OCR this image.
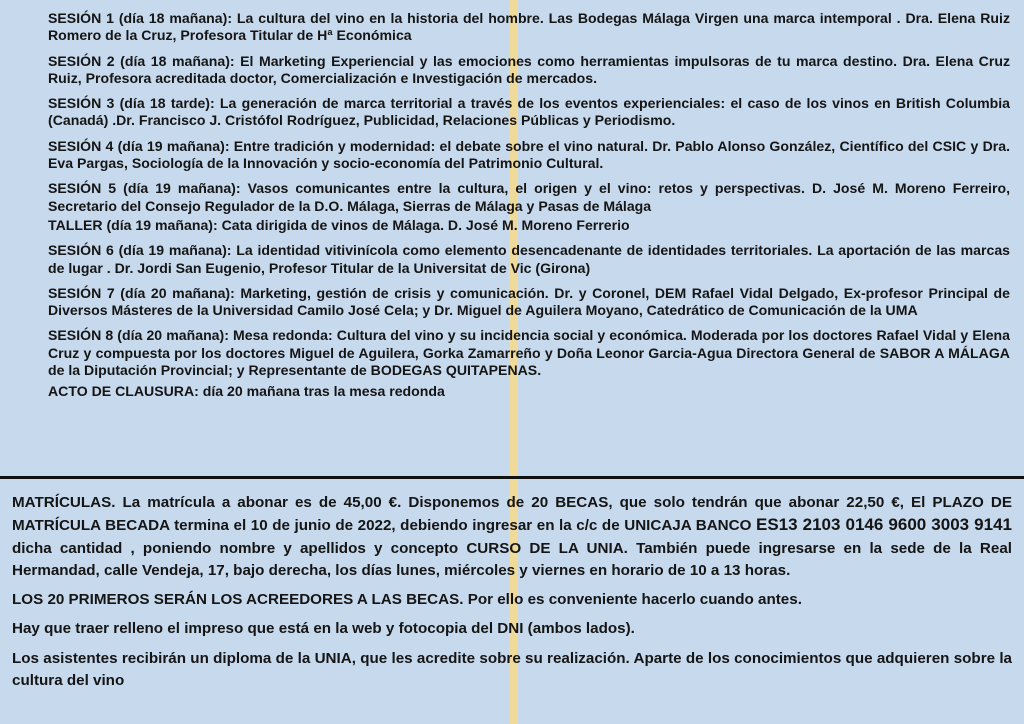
SESIÓN 1 (día 18 mañana): La cultura del vino en la historia del hombre. Las Bodegas Málaga Virgen una marca intemporal . Dra. Elena Ruiz Romero de la Cruz, Profesora Titular de Hª Económica

SESIÓN 2 (día 18 mañana): El Marketing Experiencial y las emociones como herramientas impulsoras de tu marca destino. Dra. Elena Cruz Ruiz, Profesora acreditada doctor, Comercialización e Investigación de mercados.

SESIÓN 3 (día 18 tarde): La generación de marca territorial a través de los eventos experienciales: el caso de los vinos en British Columbia (Canadá) .Dr. Francisco J. Cristófol Rodríguez, Publicidad, Relaciones Públicas y Periodismo.

SESIÓN 4 (día 19 mañana): Entre tradición y modernidad: el debate sobre el vino natural. Dr. Pablo Alonso González, Científico del CSIC y Dra. Eva Pargas, Sociología de la Innovación y socio-economía del Patrimonio Cultural.

SESIÓN 5 (día 19 mañana): Vasos comunicantes entre la cultura, el origen y el vino: retos y perspectivas. D. José M. Moreno Ferreiro, Secretario del Consejo Regulador de la D.O. Málaga, Sierras de Málaga y Pasas de Málaga

TALLER (día 19 mañana): Cata dirigida de vinos de Málaga. D. José M. Moreno Ferrerio

SESIÓN 6 (día 19 mañana): La identidad vitivinícola como elemento desencadenante de identidades territoriales. La aportación de las marcas de lugar . Dr. Jordi San Eugenio, Profesor Titular de la Universitat de Vic (Girona)

SESIÓN 7 (día 20 mañana): Marketing, gestión de crisis y comunicación. Dr. y Coronel, DEM Rafael Vidal Delgado, Ex-profesor Principal de Diversos Másteres de la Universidad Camilo José Cela; y Dr. Miguel de Aguilera Moyano, Catedrático de Comunicación de la UMA

SESIÓN 8 (día 20 mañana): Mesa redonda: Cultura del vino y su incidencia social y económica. Moderada por los doctores Rafael Vidal y Elena Cruz y compuesta por los doctores Miguel de Aguilera, Gorka Zamarreño y Doña Leonor Garcia-Agua Directora General de SABOR A MÁLAGA de la Diputación Provincial; y Representante de BODEGAS QUITAPENAS.

ACTO DE CLAUSURA: día 20 mañana tras la mesa redonda

MATRÍCULAS. La matrícula a abonar es de 45,00 €. Disponemos de 20 BECAS, que solo tendrán que abonar 22,50 €, El PLAZO DE MATRÍCULA BECADA termina el 10 de junio de 2022, debiendo ingresar en la c/c de UNICAJA BANCO ES13 2103 0146 9600 3003 9141 dicha cantidad , poniendo nombre y apellidos y concepto CURSO DE LA UNIA. También puede ingresarse en la sede de la Real Hermandad, calle Vendeja, 17, bajo derecha, los días lunes, miércoles y viernes en horario de 10 a 13 horas.

LOS 20 PRIMEROS SERÁN LOS ACREEDORES A LAS BECAS. Por ello es conveniente hacerlo cuando antes.

Hay que traer relleno el impreso que está en la web y fotocopia del DNI (ambos lados).

Los asistentes recibirán un diploma de la UNIA, que les acredite sobre su realización. Aparte de los conocimientos que adquieren sobre la cultura del vino
